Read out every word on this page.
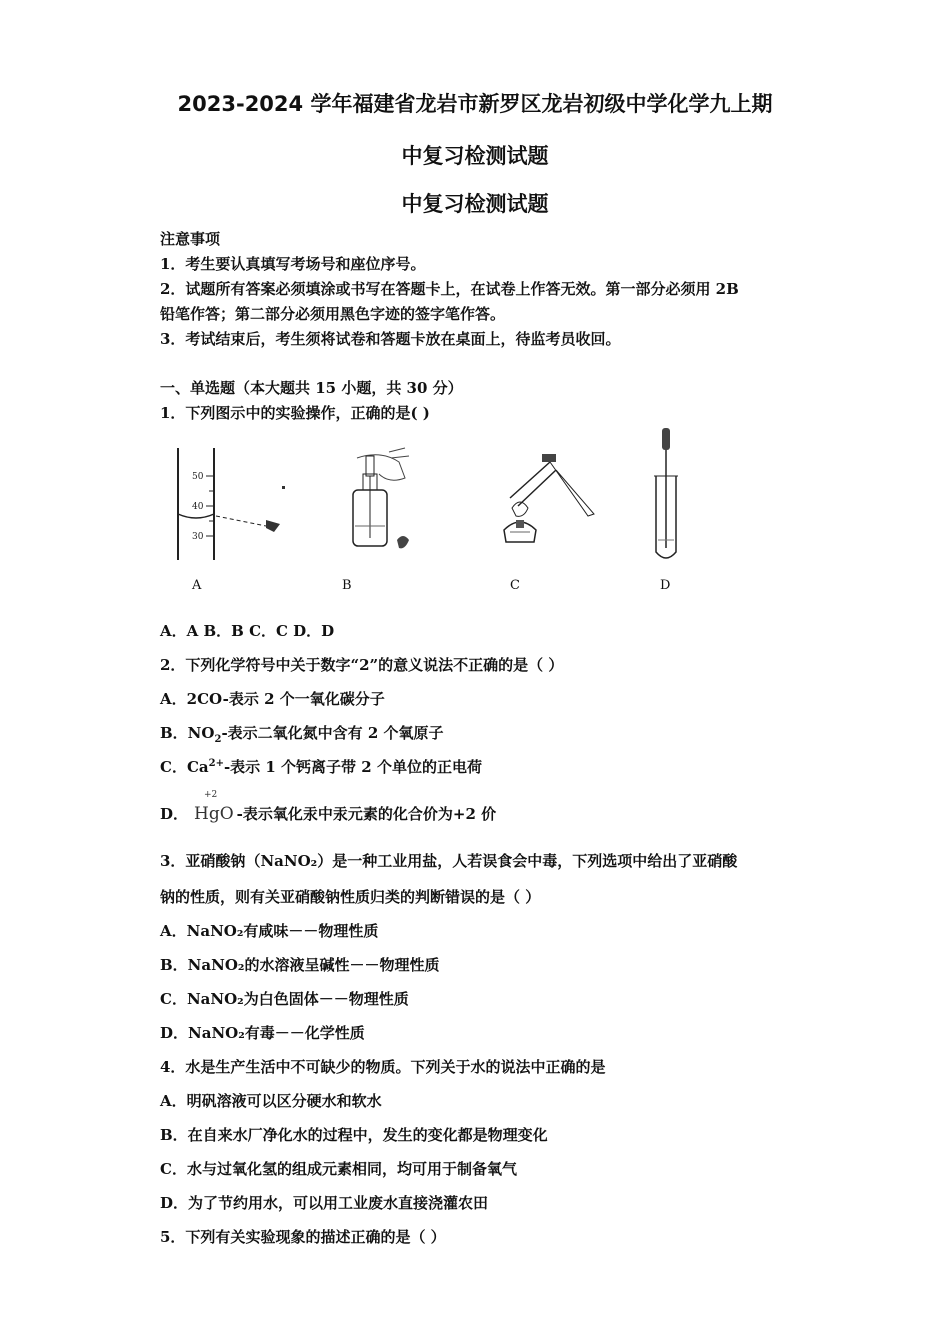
2023-2024 学年福建省龙岩市新罗区龙岩初级中学化学九上期
中复习检测试题
中复习检测试题
注意事项
1．考生要认真填写考场号和座位序号。
2．试题所有答案必须填涂或书写在答题卡上，在试卷上作答无效。第一部分必须用 2B
铅笔作答；第二部分必须用黑色字迹的签字笔作答。
3．考试结束后，考生须将试卷和答题卡放在桌面上，待监考员收回。
一、单选题（本大题共 15 小题，共 30 分）
1．下列图示中的实验操作，正确的是( )
50
40
30
A	B	C	D
A．A B．B C．C D．D
2．下列化学符号中关于数字“2”的意义说法不正确的是（ ）
A．2CO-表示 2 个一氧化碳分子
B．$NO_2-$表示二氧化氮中含有 2 个氧原子
C．$Ca^{2+}-$表示 1 个钙离子带 2 个单位的正电荷
D．
+2
HgO -表示氧化汞中汞元素的化合价为+2 价
3．亚硝酸钠（NaNO₂）是一种工业用盐，人若误食会中毒，下列选项中给出了亚硝酸
钠的性质，则有关亚硝酸钠性质归类的判断错误的是（ ）
A．NaNO₂有咸味－－物理性质
B．NaNO₂的水溶液呈碱性－－物理性质
C．NaNO₂为白色固体－－物理性质
D．NaNO₂有毒－－化学性质
4．水是生产生活中不可缺少的物质。下列关于水的说法中正确的是
A．明矾溶液可以区分硬水和软水
B．在自来水厂净化水的过程中，发生的变化都是物理变化
C．水与过氧化氢的组成元素相同，均可用于制备氧气
D．为了节约用水，可以用工业废水直接浇灌农田
5．下列有关实验现象的描述正确的是（ ）
